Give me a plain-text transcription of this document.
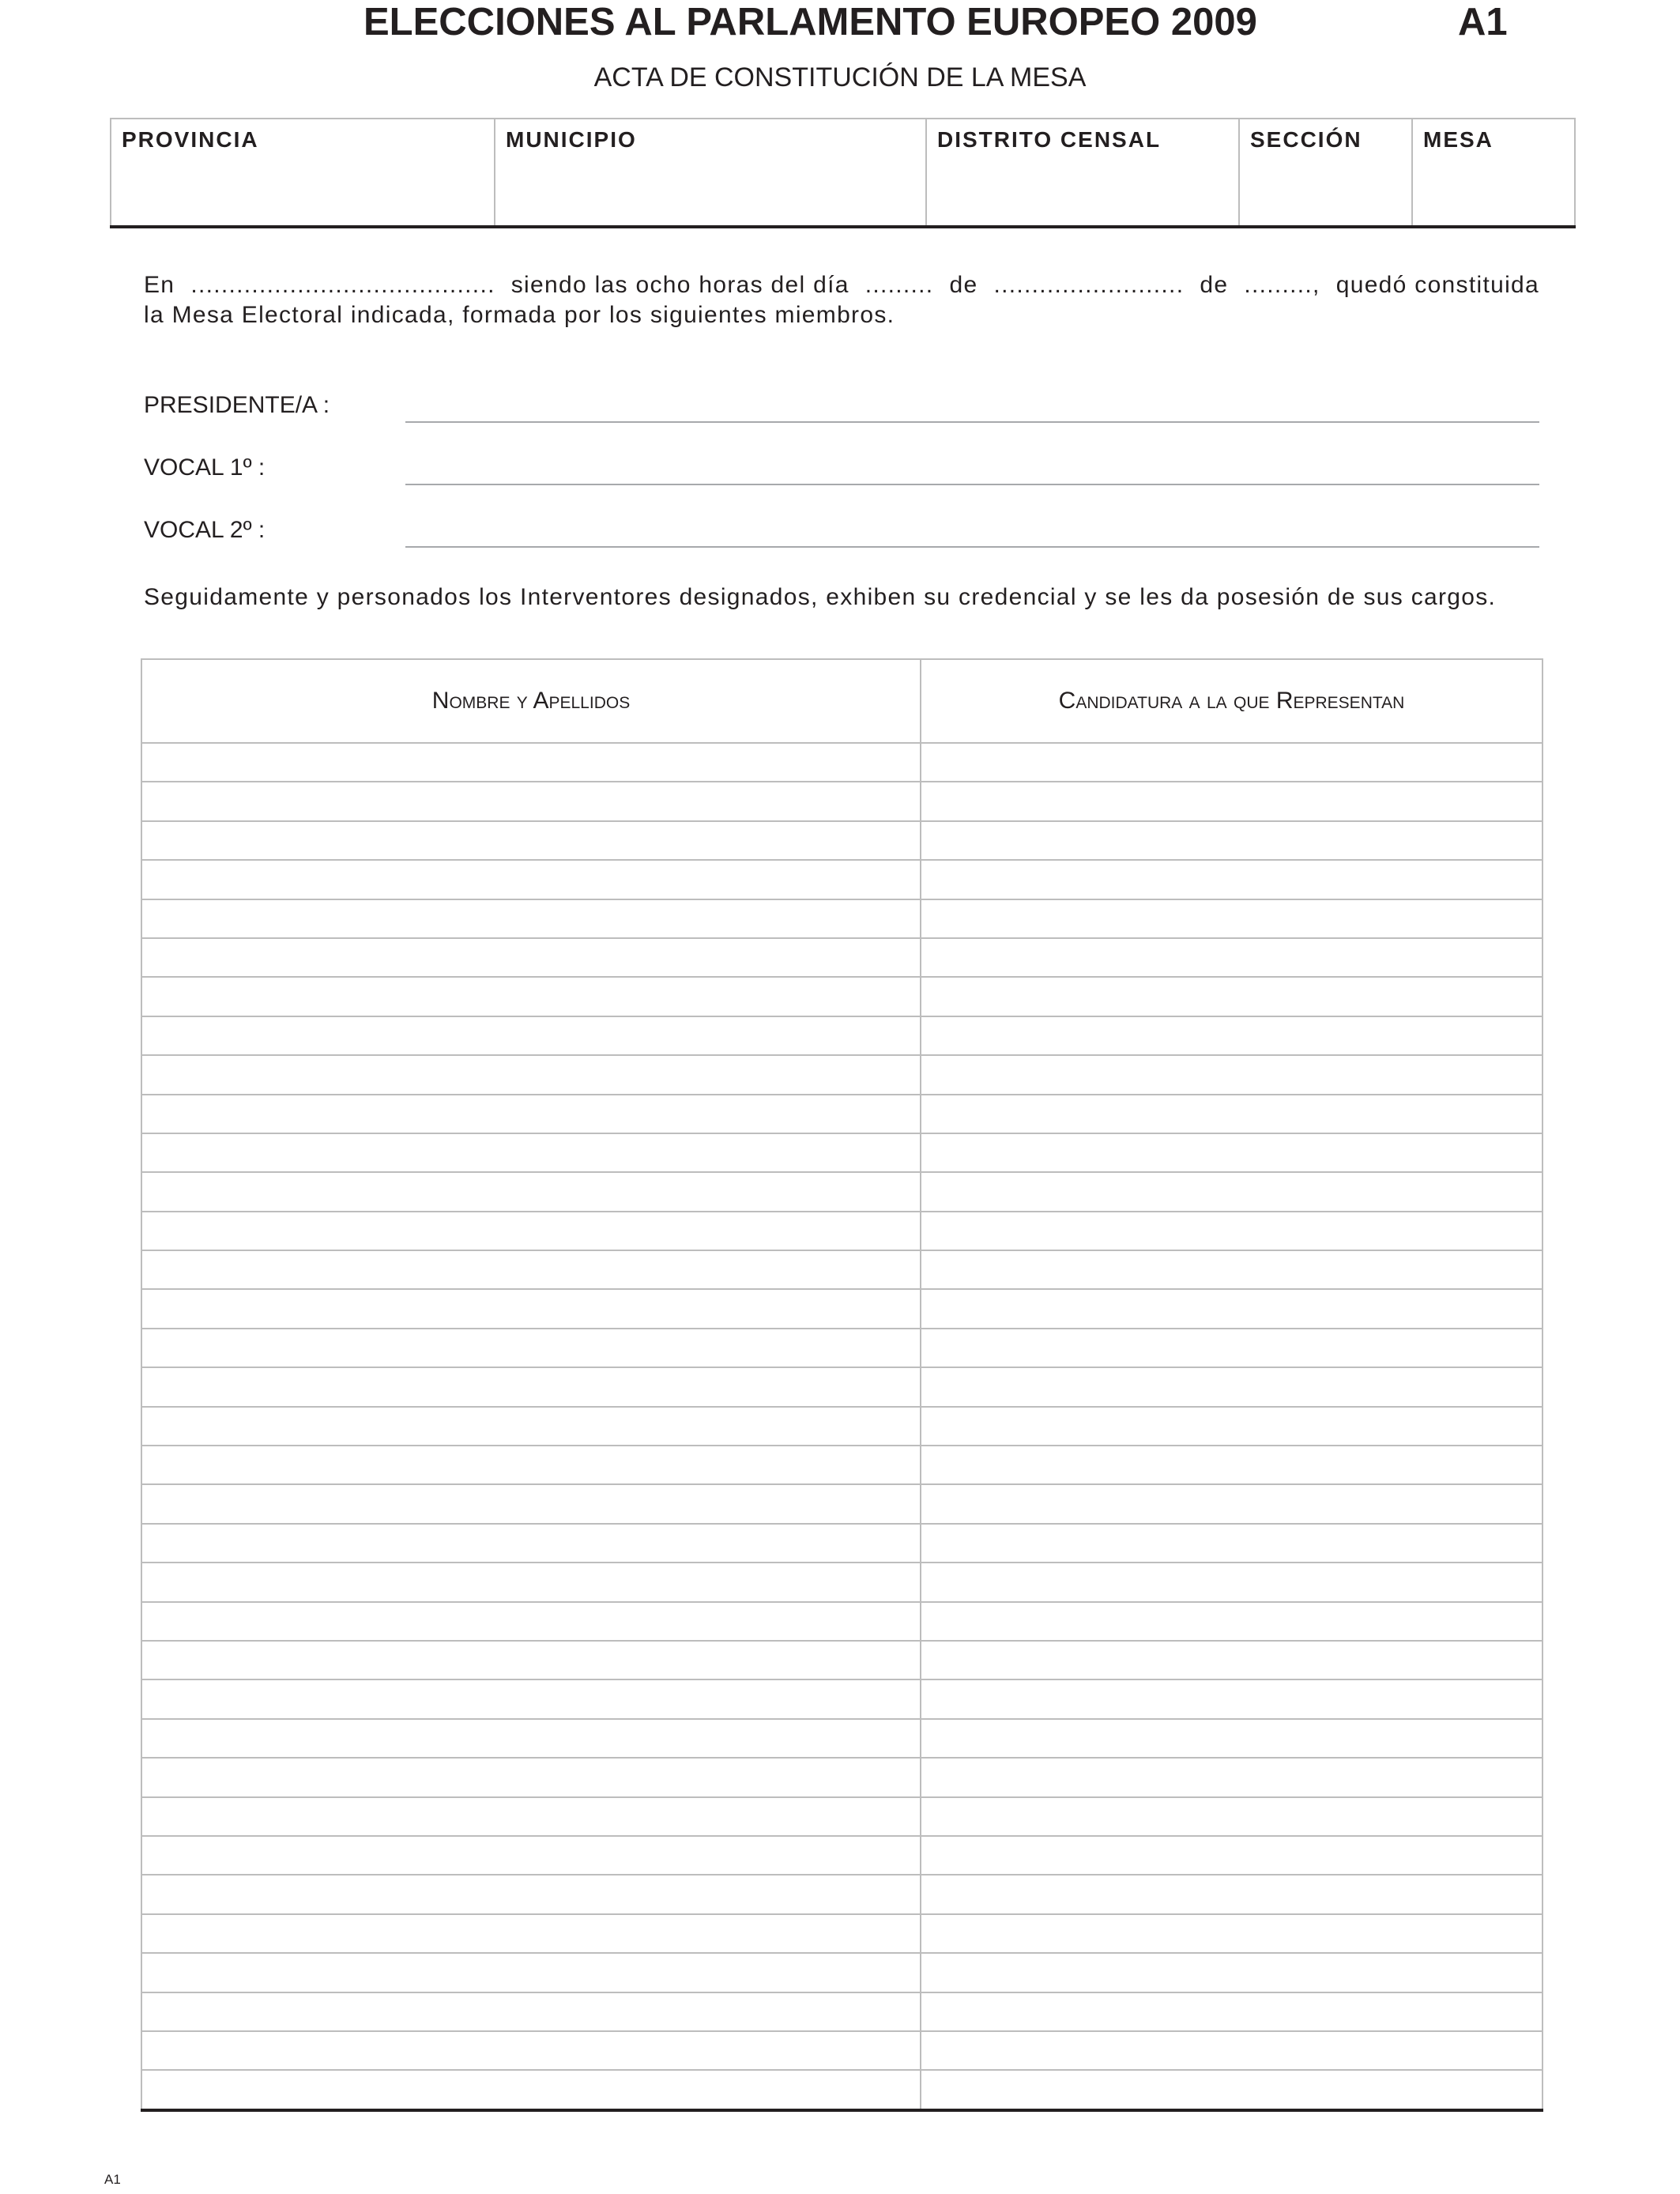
ELECCIONES AL PARLAMENTO EUROPEO 2009	A1
ACTA DE CONSTITUCIÓN DE LA MESA
PROVINCIA	MUNICIPIO	DISTRITO CENSAL	SECCIÓN	MESA
En ........................................ siendo las ocho horas del día ......... de ......................... de ........., quedó constituida
la Mesa Electoral indicada, formada por los siguientes miembros.
PRESIDENTE/A :
VOCAL 1º :
VOCAL 2º :
Seguidamente y personados los Interventores designados, exhiben su credencial y se les da posesión de sus cargos.
Nombre y Apellidos	Candidatura a la que Representan

A1
